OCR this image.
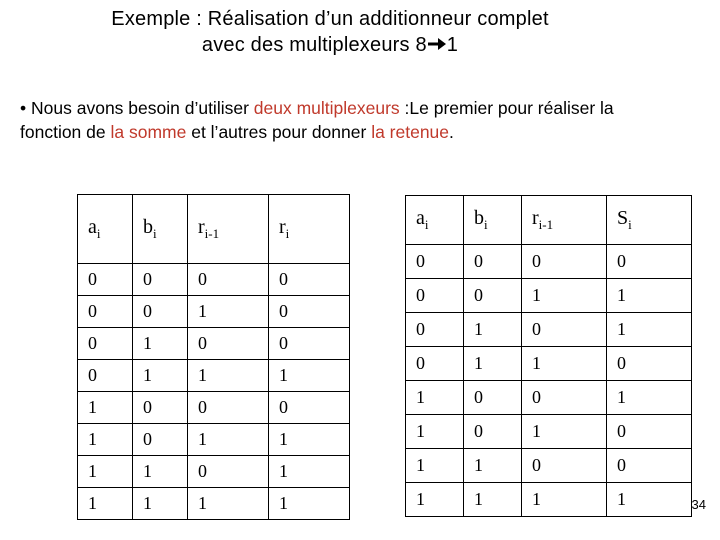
Exemple : Réalisation d’un additionneur complet
avec des multiplexeurs 8 1
• Nous avons besoin d’utiliser deux multiplexeurs :Le premier pour réaliser la fonction de la somme et l’autres pour donner la retenue.
$a_i$	$b_i$	$r_{i-1}$	$r_i$
0	0	0	0
0	0	1	0
0	1	0	0
0	1	1	1
1	0	0	0
1	0	1	1
1	1	0	1
1	1	1	1
$a_i$	$b_i$	$r_{i-1}$	$S_i$
0	0	0	0
0	0	1	1
0	1	0	1
0	1	1	0
1	0	0	1
1	0	1	0
1	1	0	0
1	1	1	1	34
